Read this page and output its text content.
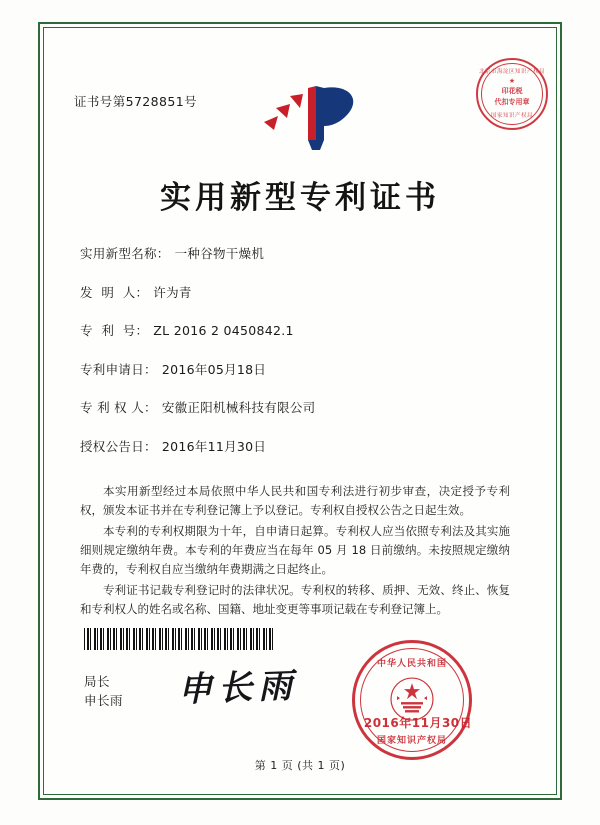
北京市海淀区知识产权局
★
印花税
代扣专用章
国家知识产权局
证书号第5728851号
实用新型专利证书
实用新型名称： 一种谷物干燥机
发  明  人： 许为青
专  利  号： ZL 2016 2 0450842.1
专利申请日： 2016年05月18日
专 利 权 人： 安徽正阳机械科技有限公司
授权公告日： 2016年11月30日

本实用新型经过本局依照中华人民共和国专利法进行初步审查，决定授予专利权，颁发本证书并在专利登记簿上予以登记。专利权自授权公告之日起生效。

本专利的专利权期限为十年，自申请日起算。专利权人应当依照专利法及其实施细则规定缴纳年费。本专利的年费应当在每年 05 月 18 日前缴纳。未按照规定缴纳年费的，专利权自应当缴纳年费期满之日起终止。

专利证书记载专利登记时的法律状况。专利权的转移、质押、无效、终止、恢复和专利权人的姓名或名称、国籍、地址变更等事项记载在专利登记簿上。

局长
申长雨 申长雨
中华人民共和国
国家知识产权局
2016年11月30日
第 1 页 (共 1 页)
